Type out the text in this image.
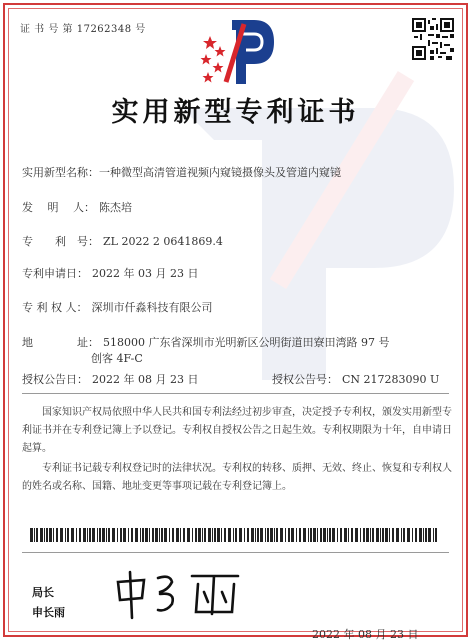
证 书 号 第 17262348 号
实用新型专利证书
实用新型名称：一种微型高清管道视频内窥镜摄像头及管道内窥镜
发　 明　 人： 陈杰培
专　　利　号： ZL 2022 2 0641869.4
专利申请日： 2022 年 03 月 23 日
专 利 权 人： 深圳市仟淼科技有限公司
地　　　　址： 518000 广东省深圳市光明新区公明街道田寮田湾路 97 号
创客 4F-C
授权公告日： 2022 年 08 月 23 日	授权公告号： CN 217283090 U
国家知识产权局依照中华人民共和国专利法经过初步审查，决定授予专利权，颁发实用新型专利证书并在专利登记簿上予以登记。专利权自授权公告之日起生效。专利权期限为十年，自申请日起算。
专利证书记载专利权登记时的法律状况。专利权的转移、质押、无效、终止、恢复和专利权人的姓名或名称、国籍、地址变更等事项记载在专利登记簿上。
局长
申长雨
2022 年 08 月 23 日
